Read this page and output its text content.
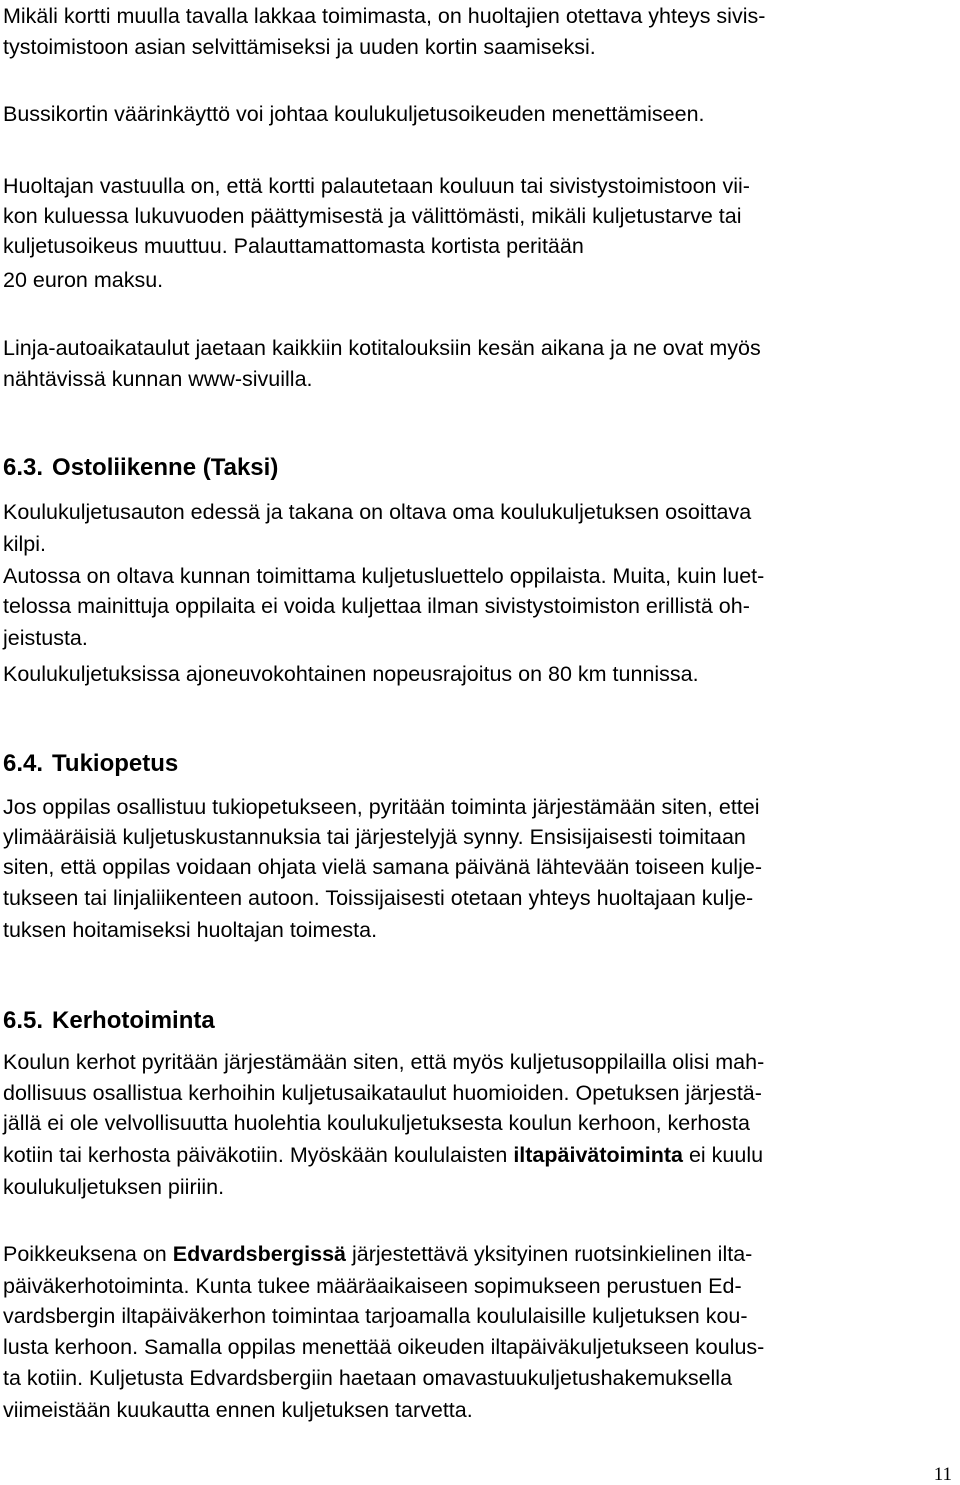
Mikäli kortti muulla tavalla lakkaa toimimasta, on huoltajien otettava yhteys sivis-
tystoimistoon asian selvittämiseksi ja uuden kortin saamiseksi.
Bussikortin väärinkäyttö voi johtaa koulukuljetusoikeuden menettämiseen.
Huoltajan vastuulla on, että kortti palautetaan kouluun tai sivistystoimistoon vii-
kon kuluessa lukuvuoden päättymisestä ja välittömästi, mikäli kuljetustarve tai
kuljetusoikeus muuttuu. Palauttamattomasta kortista peritään
20 euron maksu.
Linja-autoaikataulut jaetaan kaikkiin kotitalouksiin kesän aikana ja ne ovat myös
nähtävissä kunnan www-sivuilla.
6.3. Ostoliikenne (Taksi)
Koulukuljetusauton edessä ja takana on oltava oma koulukuljetuksen osoittava
kilpi.
Autossa on oltava kunnan toimittama kuljetusluettelo oppilaista. Muita, kuin luet-
telossa mainittuja oppilaita ei voida kuljettaa ilman sivistystoimiston erillistä oh-
jeistusta.
Koulukuljetuksissa ajoneuvokohtainen nopeusrajoitus on 80 km tunnissa.
6.4. Tukiopetus
Jos oppilas osallistuu tukiopetukseen, pyritään toiminta järjestämään siten, ettei
ylimääräisiä kuljetuskustannuksia tai järjestelyjä synny. Ensisijaisesti toimitaan
siten, että oppilas voidaan ohjata vielä samana päivänä lähtevään toiseen kulje-
tukseen tai linjaliikenteen autoon. Toissijaisesti otetaan yhteys huoltajaan kulje-
tuksen hoitamiseksi huoltajan toimesta.
6.5. Kerhotoiminta
Koulun kerhot pyritään järjestämään siten, että myös kuljetusoppilailla olisi mah-
dollisuus osallistua kerhoihin kuljetusaikataulut huomioiden. Opetuksen järjestä-
jällä ei ole velvollisuutta huolehtia koulukuljetuksesta koulun kerhoon, kerhosta
kotiin tai kerhosta päiväkotiin. Myöskään koululaisten iltapäivätoiminta ei kuulu
koulukuljetuksen piiriin.
Poikkeuksena on Edvardsbergissä järjestettävä yksityinen ruotsinkielinen ilta-
päiväkerhotoiminta. Kunta tukee määräaikaiseen sopimukseen perustuen Ed-
vardsbergin iltapäiväkerhon toimintaa tarjoamalla koululaisille kuljetuksen kou-
lusta kerhoon. Samalla oppilas menettää oikeuden iltapäiväkuljetukseen koulus-
ta kotiin. Kuljetusta Edvardsbergiin haetaan omavastuukuljetushakemuksella
viimeistään kuukautta ennen kuljetuksen tarvetta.
11
